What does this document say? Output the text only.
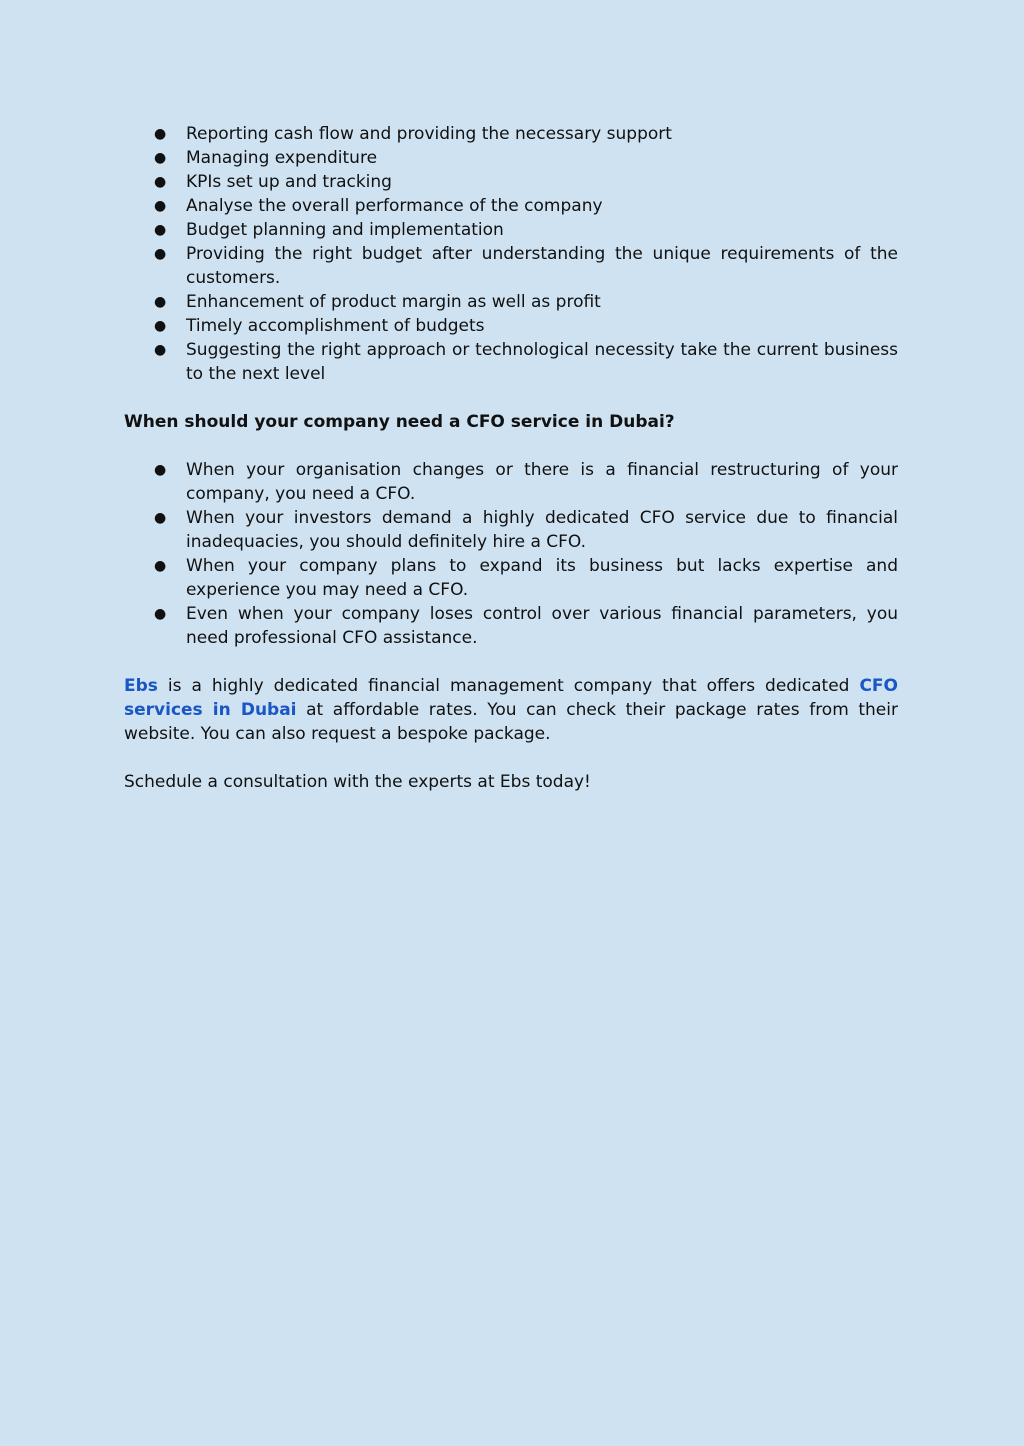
● Reporting cash flow and providing the necessary support
● Managing expenditure
● KPIs set up and tracking
● Analyse the overall performance of the company
● Budget planning and implementation
● Providing the right budget after understanding the unique requirements of the customers.
● Enhancement of product margin as well as profit
● Timely accomplishment of budgets
● Suggesting the right approach or technological necessity take the current business to the next level
When should your company need a CFO service in Dubai?
● When your organisation changes or there is a financial restructuring of your company, you need a CFO.
● When your investors demand a highly dedicated CFO service due to financial inadequacies, you should definitely hire a CFO.
● When your company plans to expand its business but lacks expertise and experience you may need a CFO.
● Even when your company loses control over various financial parameters, you need professional CFO assistance.

Ebs is a highly dedicated financial management company that offers dedicated CFO services in Dubai at affordable rates. You can check their package rates from their website. You can also request a bespoke package.

Schedule a consultation with the experts at Ebs today!
